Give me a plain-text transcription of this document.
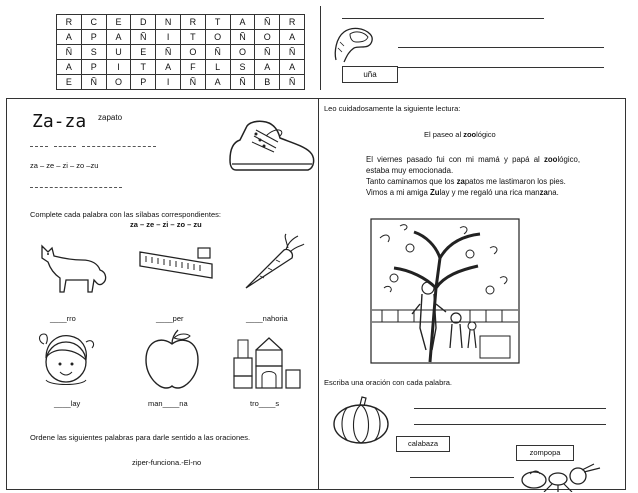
R	C	E	D	N	R	T	A	Ñ	R
A	P	A	Ñ	I	T	O	Ñ	O	A
Ñ	S	U	E	Ñ	O	Ñ	O	Ñ	Ñ
A	P	I	T	A	F	L	S	A	A
E	Ñ	O	P	I	Ñ	A	Ñ	B	Ñ
uña
Za-za zapato
za – ze – zi – zo –zu
Complete cada palabra con las sílabas correspondientes:
za – ze – zi – zo – zu
____rro	____per	____nahoria
____lay	man____na	tro____s
Ordene las siguientes palabras para darle sentido a las oraciones.
ziper-funciona.-El-no
Leo cuidadosamente la siguiente lectura:
El paseo al zoológico

El viernes pasado fui con mi mamá y papá al zoológico, estaba muy emocionada.

Tanto caminamos que los zapatos me lastimaron los pies.

Vimos a mi amiga Zulay y me regaló una rica manzana.

Escriba una oración con cada palabra.
calabaza
zompopa
